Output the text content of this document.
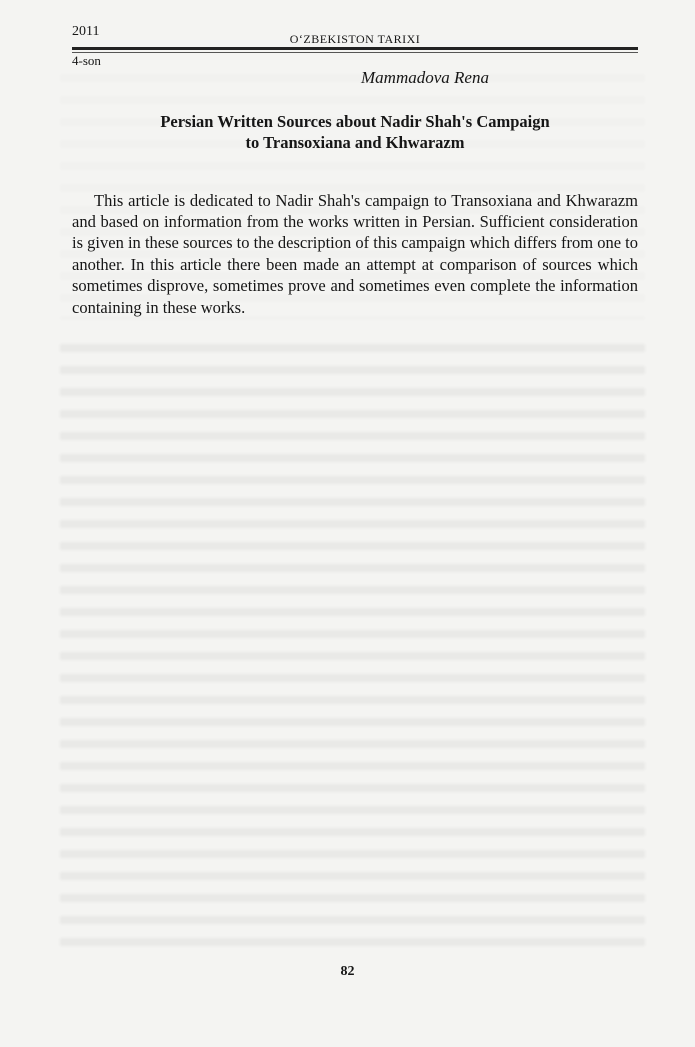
2011	O‘ZBEKISTON TARIXI
4-son
Mammadova Rena
Persian Written Sources about Nadir Shah's Campaign
to Transoxiana and Khwarazm

This article is dedicated to Nadir Shah's campaign to Transoxiana and Khwarazm and based on information from the works written in Persian. Sufficient consideration is given in these sources to the description of this campaign which differs from one to another. In this article there been made an attempt at comparison of sources which sometimes disprove, sometimes prove and sometimes even complete the information containing in these works.

82
